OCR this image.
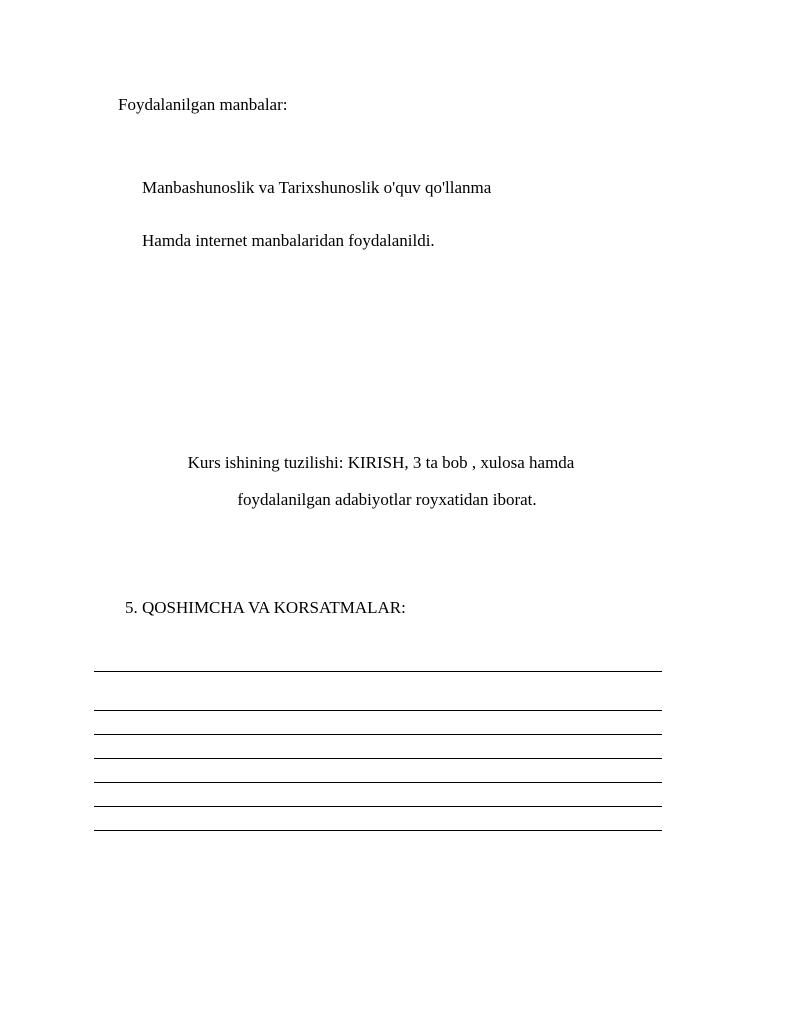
Foydalanilgan manbalar:
Manbashunoslik va Tarixshunoslik o'quv qo'llanma
Hamda internet manbalaridan foydalanildi.
Kurs ishining tuzilishi: KIRISH, 3 ta bob , xulosa hamda
foydalanilgan adabiyotlar royxatidan iborat.
5. QOSHIMCHA VA KORSATMALAR:
